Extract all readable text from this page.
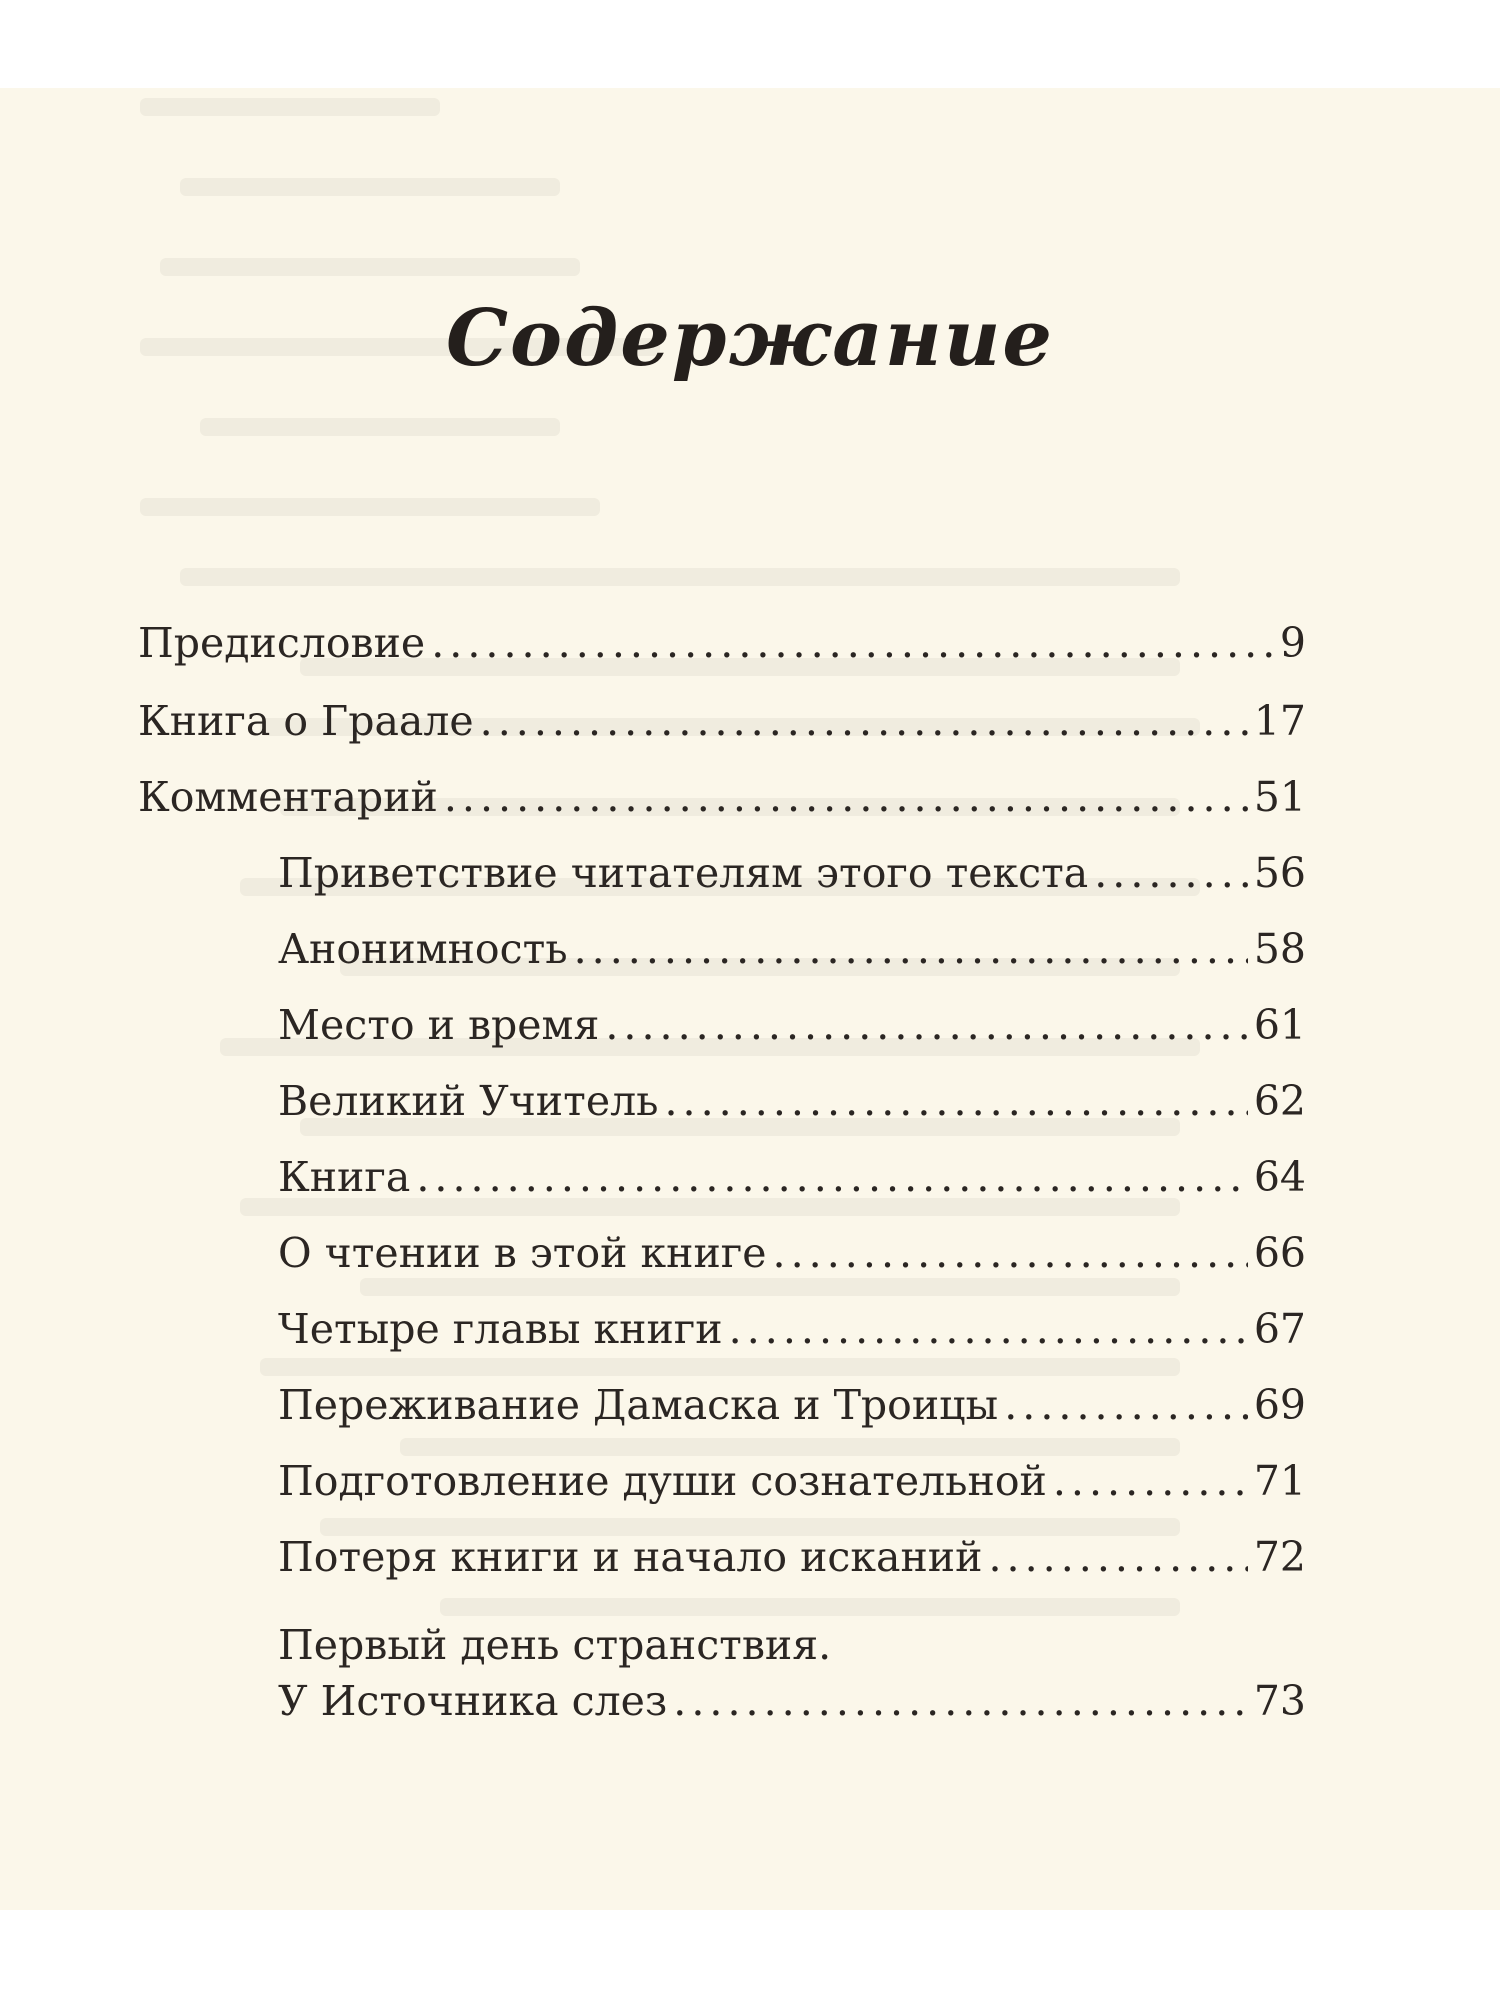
Содержание
Предисловие . . .	9
Книга о Граале . . .	17
Комментарий . . .	51
Приветствие читателям этого текста . . .	56
Анонимность . . .	58
Место и время . . .	61
Великий Учитель . . .	62
Книга . . .	64
О чтении в этой книге . . .	66
Четыре главы книги . . .	67
Переживание Дамаска и Троицы . . .	69
Подготовление души сознательной . . .	71
Потеря книги и начало исканий . . .	72
Первый день странствия.
У Источника слез . . .	73
